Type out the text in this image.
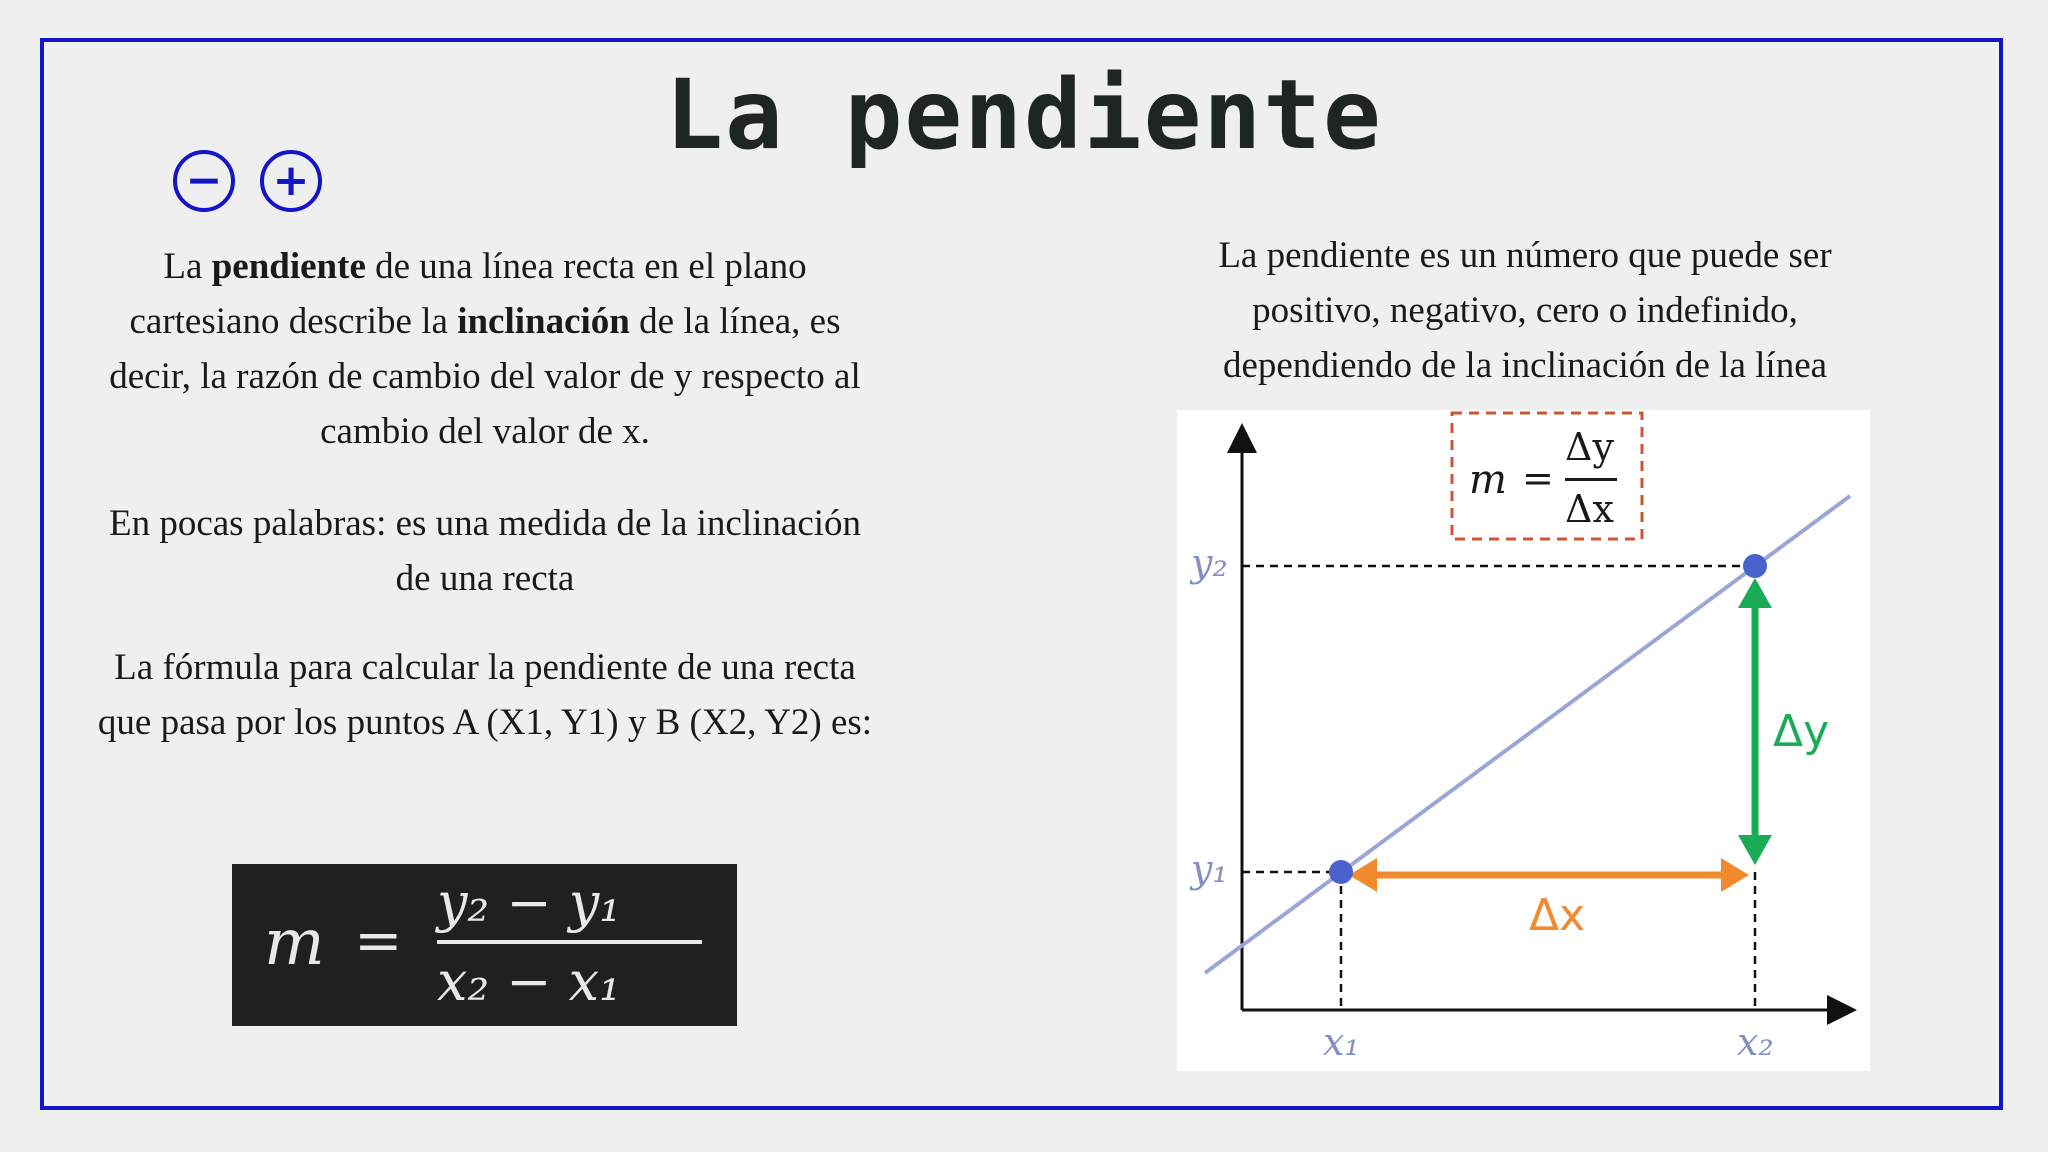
La pendiente
− +

La pendiente de una línea recta en el plano cartesiano describe la inclinación de la línea, es decir, la razón de cambio del valor de y respecto al cambio del valor de x.

En pocas palabras: es una medida de la inclinación de una recta

La fórmula para calcular la pendiente de una recta que pasa por los puntos A (X1, Y1) y B (X2, Y2) es:

m =
y₂ − y₁
x₂ − x₁

La pendiente es un número que puede ser positivo, negativo, cero o indefinido, dependiendo de la inclinación de la línea

m =
Δy
Δx
y₂
y₁
x₁	x₂
Δy
Δx
